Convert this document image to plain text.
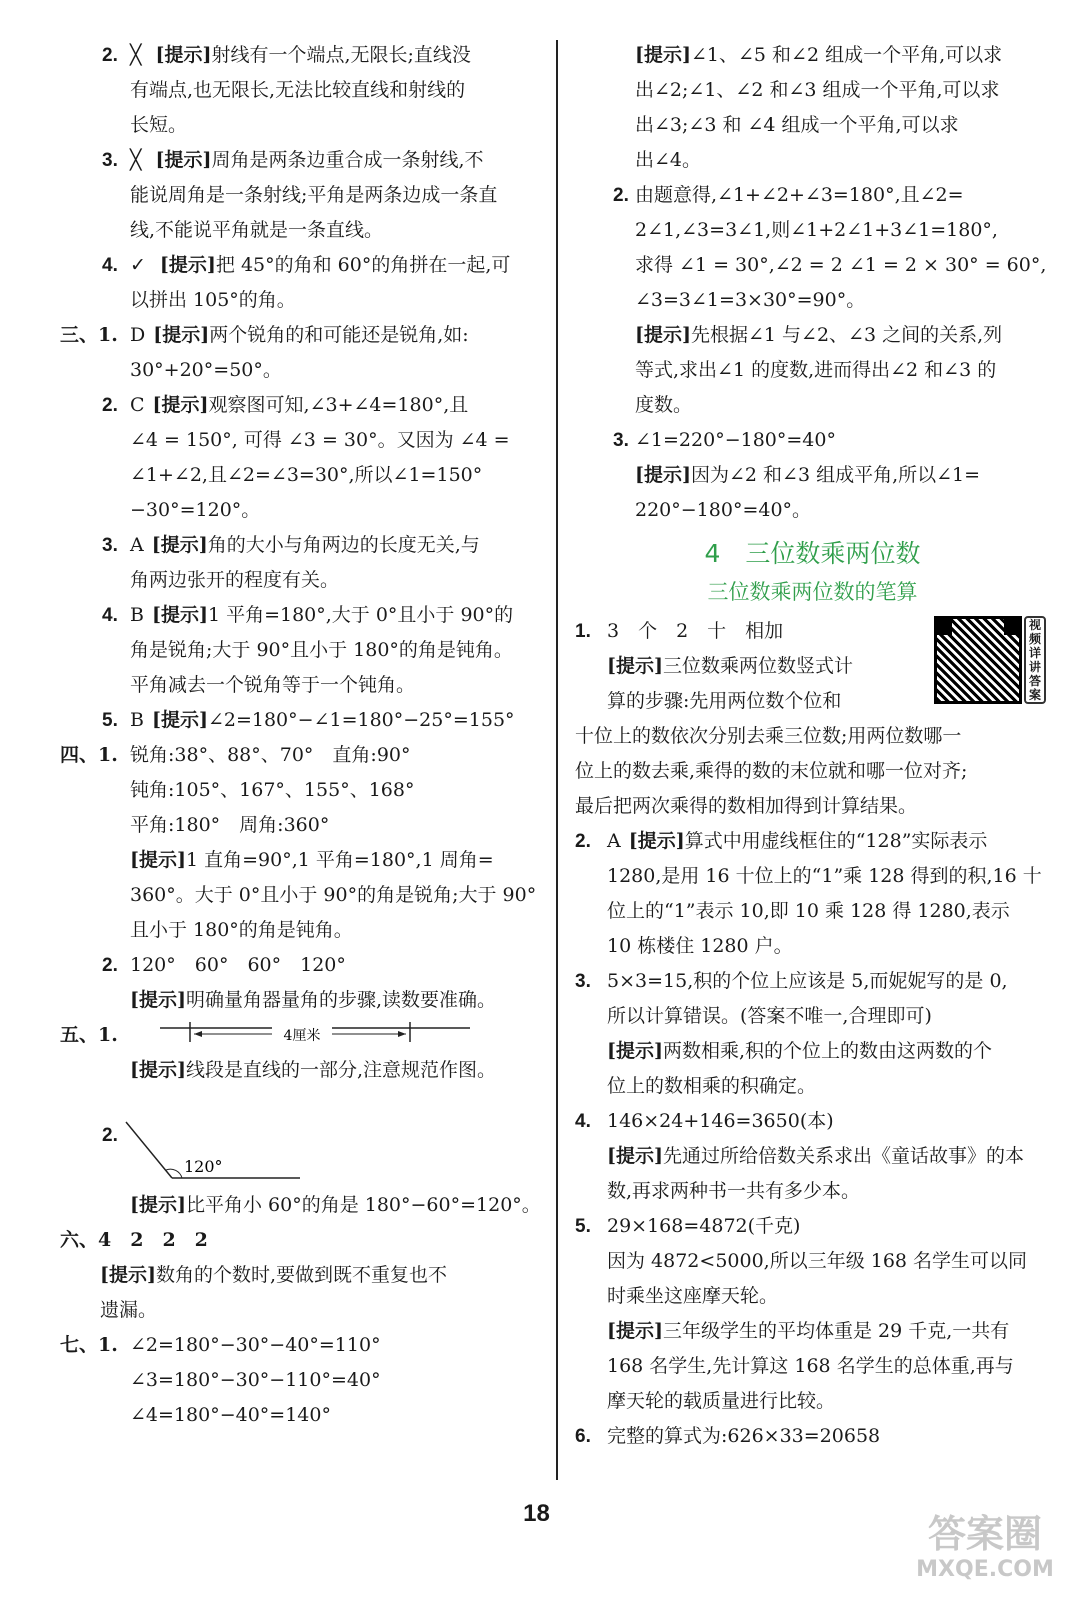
2. ╳ [提示]射线有一个端点,无限长;直线没
有端点,也无限长,无法比较直线和射线的
长短。
3. ╳ [提示]周角是两条边重合成一条射线,不
能说周角是一条射线;平角是两条边成一条直
线,不能说平角就是一条直线。
4. ✓ [提示]把 45°的角和 60°的角拼在一起,可
以拼出 105°的角。
三、1. D [提示]两个锐角的和可能还是锐角,如:
30°+20°=50°。
2. C [提示]观察图可知,∠3+∠4=180°,且
∠4 = 150°, 可得 ∠3 = 30°。又因为 ∠4 =
∠1+∠2,且∠2=∠3=30°,所以∠1=150°
−30°=120°。
3. A [提示]角的大小与角两边的长度无关,与
角两边张开的程度有关。
4. B [提示]1 平角=180°,大于 0°且小于 90°的
角是锐角;大于 90°且小于 180°的角是钝角。
平角减去一个锐角等于一个钝角。
5. B [提示]∠2=180°−∠1=180°−25°=155°
四、1. 锐角:38°、88°、70°　直角:90°
钝角:105°、167°、155°、168°
平角:180°　周角:360°
[提示]1 直角=90°,1 平角=180°,1 周角=
360°。大于 0°且小于 90°的角是锐角;大于 90°
且小于 180°的角是钝角。
2. 120°　60°　60°　120°
[提示]明确量角器量角的步骤,读数要准确。
五、1.	4厘米
[提示]线段是直线的一部分,注意规范作图。
2.
120°
[提示]比平角小 60°的角是 180°−60°=120°。
六、4　2　2　2
[提示]数角的个数时,要做到既不重复也不
遗漏。
七、1. ∠2=180°−30°−40°=110°
∠3=180°−30°−110°=40°
∠4=180°−40°=140°
[提示]∠1、∠5 和∠2 组成一个平角,可以求
出∠2;∠1、∠2 和∠3 组成一个平角,可以求
出∠3;∠3 和 ∠4 组成一个平角,可以求
出∠4。
2. 由题意得,∠1+∠2+∠3=180°,且∠2=
2∠1,∠3=3∠1,则∠1+2∠1+3∠1=180°,
求得 ∠1 = 30°,∠2 = 2 ∠1 = 2 × 30° = 60°,
∠3=3∠1=3×30°=90°。
[提示]先根据∠1 与∠2、∠3 之间的关系,列
等式,求出∠1 的度数,进而得出∠2 和∠3 的
度数。
3. ∠1=220°−180°=40°
[提示]因为∠2 和∠3 组成平角,所以∠1=
220°−180°=40°。
4　三位数乘两位数
三位数乘两位数的笔算
视频详讲答案
1. 3　个　2　十　相加
[提示]三位数乘两位数竖式计
算的步骤:先用两位数个位和
十位上的数依次分别去乘三位数;用两位数哪一
位上的数去乘,乘得的数的末位就和哪一位对齐;
最后把两次乘得的数相加得到计算结果。
2. A [提示]算式中用虚线框住的“128”实际表示
1280,是用 16 十位上的“1”乘 128 得到的积,16 十
位上的“1”表示 10,即 10 乘 128 得 1280,表示
10 栋楼住 1280 户。
3. 5×3=15,积的个位上应该是 5,而妮妮写的是 0,
所以计算错误。(答案不唯一,合理即可)
[提示]两数相乘,积的个位上的数由这两数的个
位上的数相乘的积确定。
4. 146×24+146=3650(本)
[提示]先通过所给倍数关系求出《童话故事》的本
数,再求两种书一共有多少本。
5. 29×168=4872(千克)
因为 4872<5000,所以三年级 168 名学生可以同
时乘坐这座摩天轮。
[提示]三年级学生的平均体重是 29 千克,一共有
168 名学生,先计算这 168 名学生的总体重,再与
摩天轮的载质量进行比较。
6. 完整的算式为:626×33=20658
18	答案圈
MXQE.COM
